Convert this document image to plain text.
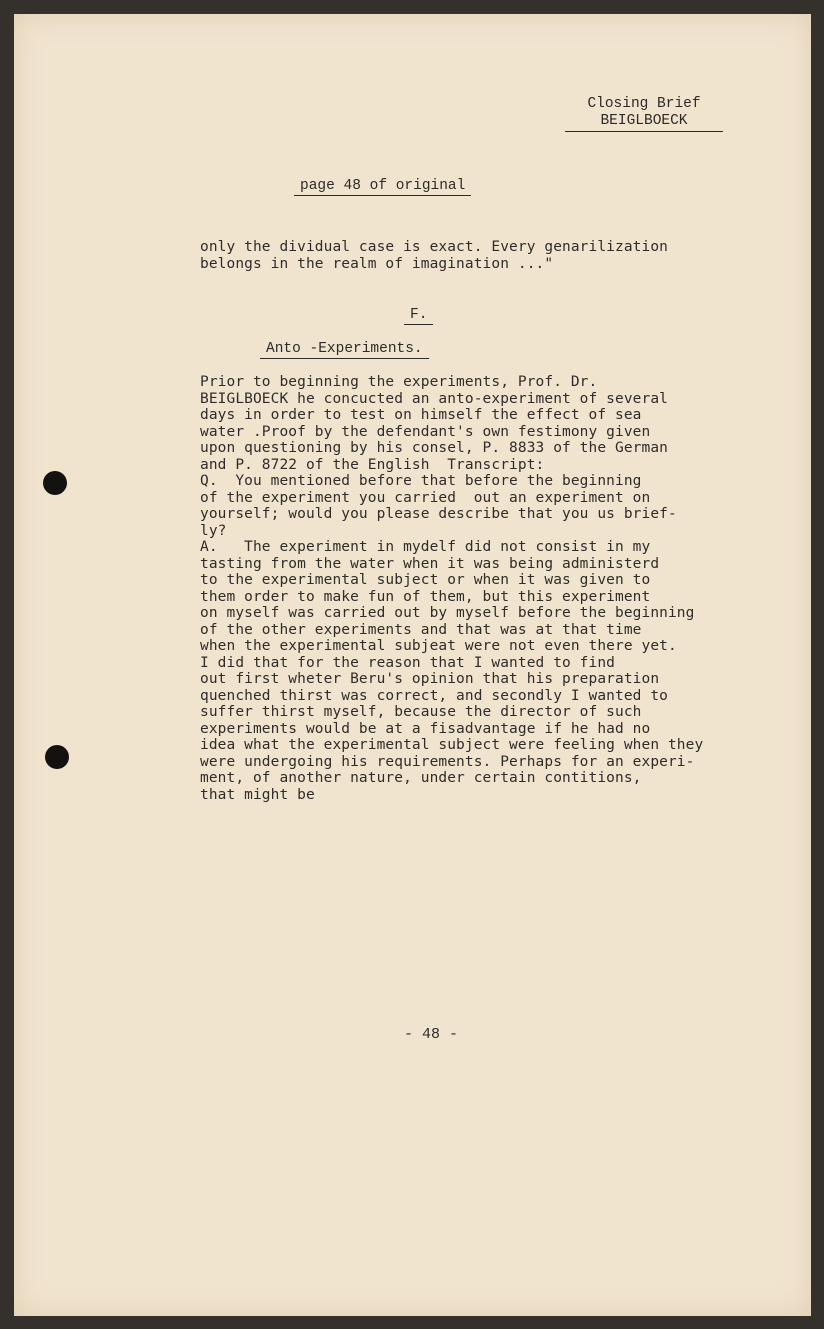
Closing Brief
BEIGLBOECK
page 48 of original
only the dividual case is exact. Every genarilization
belongs in the realm of imagination ..."
F.
Anto -Experiments.
Prior to beginning the experiments, Prof. Dr.
BEIGLBOECK he concucted an anto-experiment of several
days in order to test on himself the effect of sea
water .Proof by the defendant's own festimony given
upon questioning by his consel, P. 8833 of the German
and P. 8722 of the English  Transcript:
Q.  You mentioned before that before the beginning
of the experiment you carried  out an experiment on
yourself; would you please describe that you us brief-
ly?
A.   The experiment in mydelf did not consist in my
tasting from the water when it was being administerd
to the experimental subject or when it was given to
them order to make fun of them, but this experiment
on myself was carried out by myself before the beginning
of the other experiments and that was at that time
when the experimental subjeat were not even there yet.
I did that for the reason that I wanted to find
out first wheter Beru's opinion that his preparation
quenched thirst was correct, and secondly I wanted to
suffer thirst myself, because the director of such
experiments would be at a fisadvantage if he had no
idea what the experimental subject were feeling when they
were undergoing his requirements. Perhaps for an experi-
ment, of another nature, under certain contitions,
that might be
- 48 -
